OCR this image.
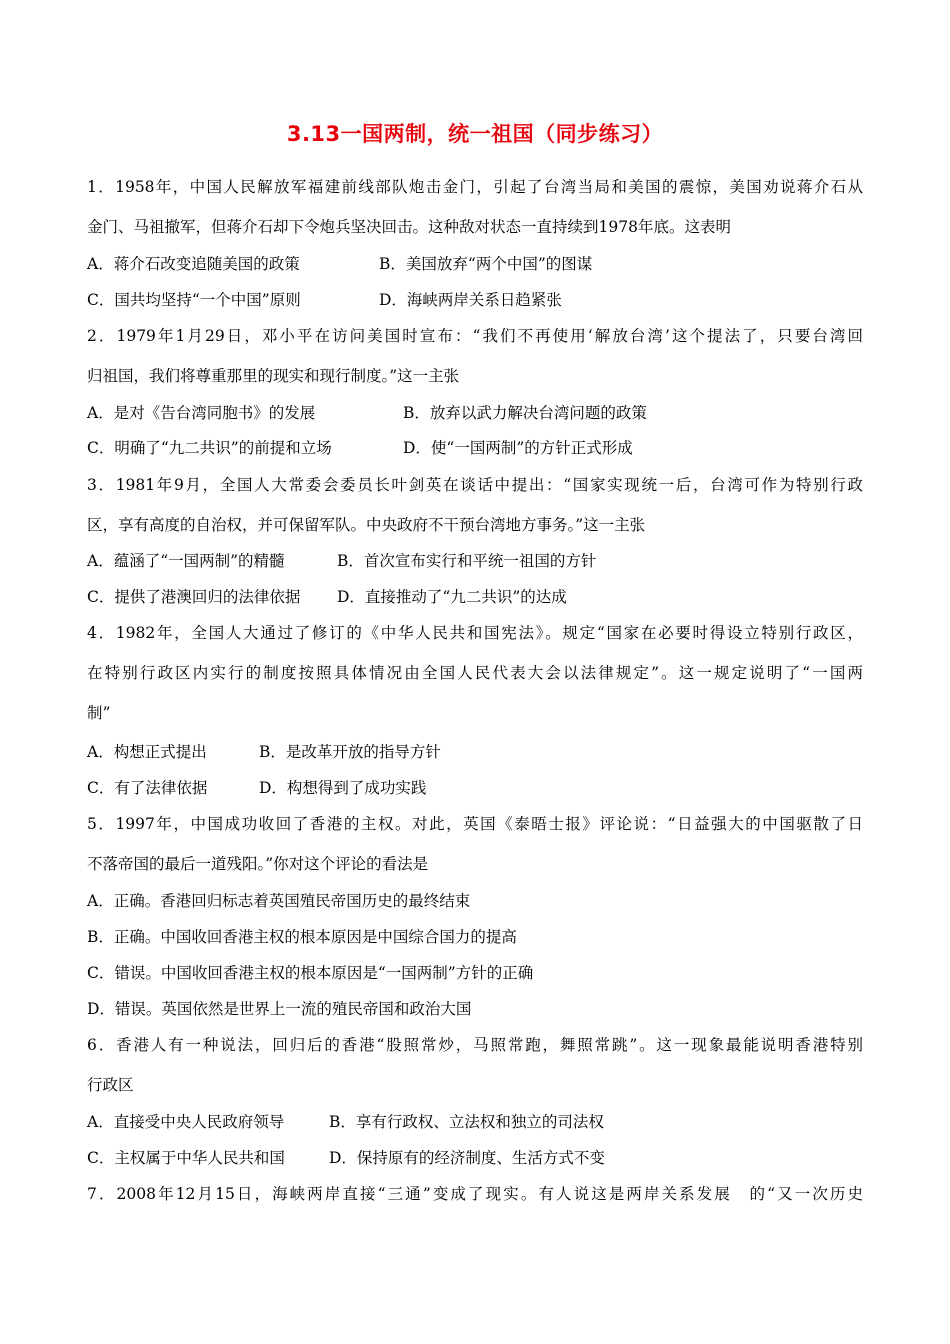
3.13一国两制，统一祖国（同步练习）
1．1958年，中国人民解放军福建前线部队炮击金门，引起了台湾当局和美国的震惊，美国劝说蒋介石从
金门、马祖撤军，但蒋介石却下令炮兵坚决回击。这种敌对状态一直持续到1978年底。这表明
A．蒋介石改变追随美国的政策	B．美国放弃“两个中国”的图谋
C．国共均坚持“一个中国”原则	D．海峡两岸关系日趋紧张
2．1979年1月29日，邓小平在访问美国时宣布：“我们不再使用‘解放台湾’这个提法了，只要台湾回
归祖国，我们将尊重那里的现实和现行制度。”这一主张
A．是对《告台湾同胞书》的发展	B．放弃以武力解决台湾问题的政策
C．明确了“九二共识”的前提和立场	D．使“一国两制”的方针正式形成
3．1981年9月，全国人大常委会委员长叶剑英在谈话中提出：“国家实现统一后，台湾可作为特别行政
区，享有高度的自治权，并可保留军队。中央政府不干预台湾地方事务。”这一主张
A．蕴涵了“一国两制”的精髓	B．首次宣布实行和平统一祖国的方针
C．提供了港澳回归的法律依据 D．直接推动了“九二共识”的达成
4．1982年，全国人大通过了修订的《中华人民共和国宪法》。规定“国家在必要时得设立特别行政区，
在特别行政区内实行的制度按照具体情况由全国人民代表大会以法律规定”。这一规定说明了“一国两
制”
A．构想正式提出	B．是改革开放的指导方针
C．有了法律依据	D．构想得到了成功实践
5．1997年，中国成功收回了香港的主权。对此，英国《泰晤士报》评论说：“日益强大的中国驱散了日
不落帝国的最后一道残阳。”你对这个评论的看法是
A．正确。香港回归标志着英国殖民帝国历史的最终结束
B．正确。中国收回香港主权的根本原因是中国综合国力的提高
C．错误。中国收回香港主权的根本原因是“一国两制”方针的正确
D．错误。英国依然是世界上一流的殖民帝国和政治大国
6．香港人有一种说法，回归后的香港“股照常炒，马照常跑，舞照常跳”。这一现象最能说明香港特别
行政区
A．直接受中央人民政府领导	B．享有行政权、立法权和独立的司法权
C．主权属于中华人民共和国	D．保持原有的经济制度、生活方式不变
7．2008年12月15日，海峡两岸直接“三通”变成了现实。有人说这是两岸关系发展　的“又一次历史
